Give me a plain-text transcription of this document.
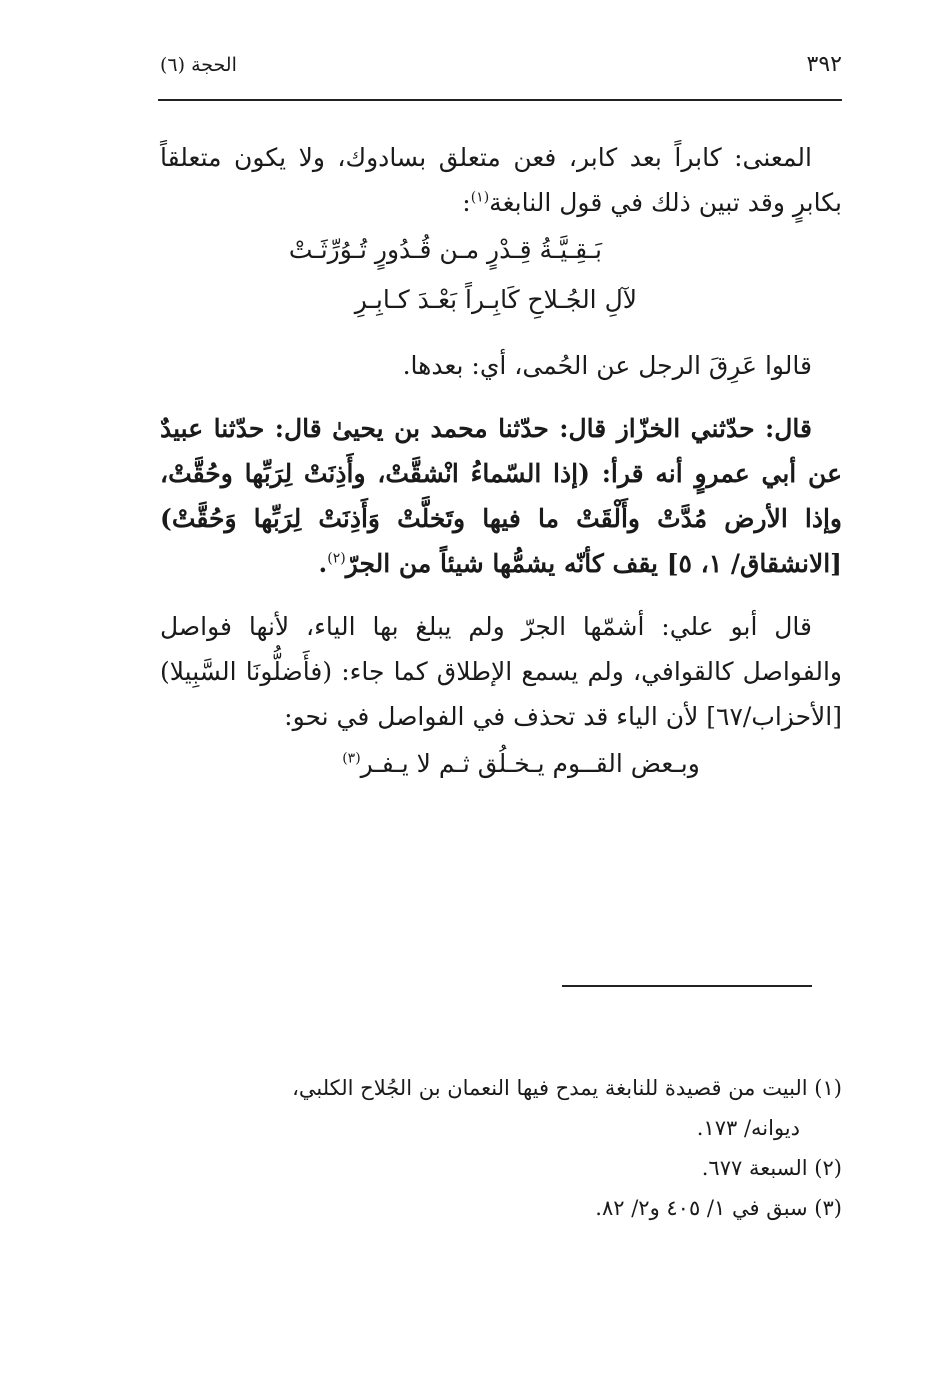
٣٩٢
الحجة (٦)

المعنى: كابراً بعد كابر، فعن متعلق بسادوك، ولا يكون متعلقاً بكابرٍ وقد تبين ذلك في قول النابغة$^{(١)}$:

بَـقِـيَّـةُ قِـدْرٍ مـن قُـدُورٍ تُـوُرِّثَـتْ
لآلِ الجُـلاحِ كَابِـراً بَعْـدَ كـابِـرِ

قالوا عَرِقَ الرجل عن الحُمى، أي: بعدها.

قال: حدّثني الخزّاز قال: حدّثنا محمد بن يحيىٰ قال: حدّثنا عبيدٌ عن أبي عمروٍ أنه قرأ: (إذا السّماءُ انْشقَّتْ، وأَذِنَتْ لِرَبِّها وحُقَّتْ، وإذا الأرض مُدَّتْ وأَلْقَتْ ما فيها وتَخلَّتْ وَأَذِنَتْ لِرَبِّها وَحُقَّتْ) [الانشقاق/ ١، ٥] يقف كأنّه يشمُّها شيئاً من الجرّ$^{(٢)}$.

قال أبو علي: أشمّها الجرّ ولم يبلغ بها الياء، لأنها فواصل والفواصل كالقوافي، ولم يسمع الإطلاق كما جاء: (فأَضلُّونَا السَّبِيلا) [الأحزاب/٦٧] لأن الياء قد تحذف في الفواصل في نحو:

وبـعض القــوم يـخـلُق ثـم لا يـفـر$^{(٣)}$
(١) البيت من قصيدة للنابغة يمدح فيها النعمان بن الجُلاح الكلبي،
ديوانه/ ١٧٣.
(٢) السبعة ٦٧٧.
(٣) سبق في ١/ ٤٠٥ و٢/ ٨٢.
